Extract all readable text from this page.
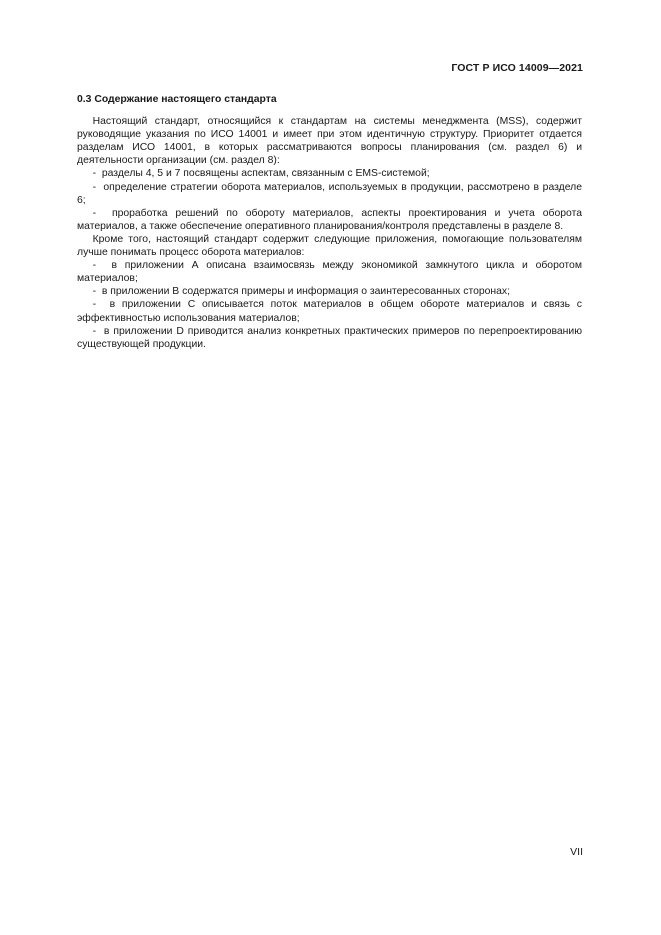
ГОСТ Р ИСО 14009—2021
0.3 Содержание настоящего стандарта

  Настоящий стандарт, относящийся к стандартам на системы менеджмента (MSS), содержит руководящие указания по ИСО 14001 и имеет при этом идентичную структуру. Приоритет отдается разделам ИСО 14001, в которых рассматриваются вопросы планирования (см. раздел 6) и деятельности организации (см. раздел 8):

  - разделы 4, 5 и 7 посвящены аспектам, связанным с EMS-системой;

  - определение стратегии оборота материалов, используемых в продукции, рассмотрено в разделе 6;

  - проработка решений по обороту материалов, аспекты проектирования и учета оборота материалов, а также обеспечение оперативного планирования/контроля представлены в разделе 8.

  Кроме того, настоящий стандарт содержит следующие приложения, помогающие пользователям лучше понимать процесс оборота материалов:

  - в приложении А описана взаимосвязь между экономикой замкнутого цикла и оборотом материалов;

  - в приложении В содержатся примеры и информация о заинтересованных сторонах;

  - в приложении С описывается поток материалов в общем обороте материалов и связь с эффективностью использования материалов;

  - в приложении D приводится анализ конкретных практических примеров по перепроектированию существующей продукции.

VII
